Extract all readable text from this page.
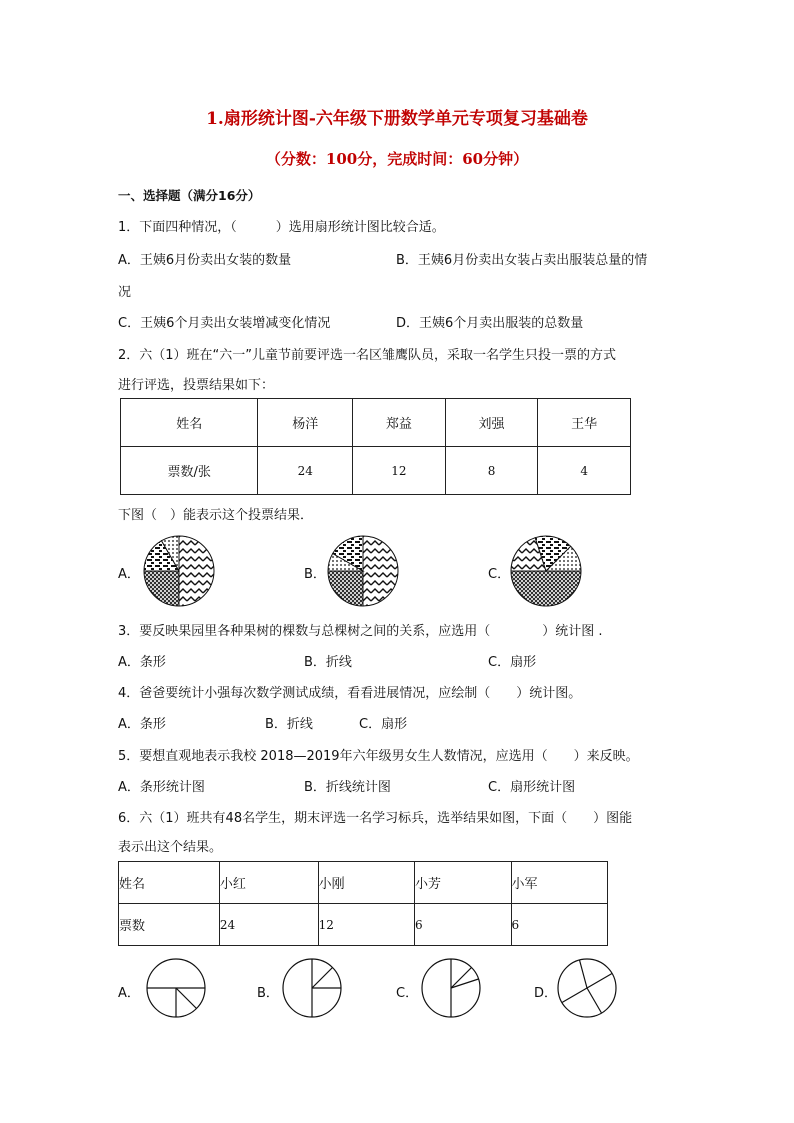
1.扇形统计图-六年级下册数学单元专项复习基础卷
（分数：100分，完成时间：60分钟）
一、选择题（满分16分）
1．下面四种情况，（　　　）选用扇形统计图比较合适。
A．王姨6月份卖出女装的数量	B．王姨6月份卖出女装占卖出服装总量的情
况
C．王姨6个月卖出女装增减变化情况	D．王姨6个月卖出服装的总数量
2．六（1）班在“六一”儿童节前要评选一名区雏鹰队员，采取一名学生只投一票的方式
进行评选，投票结果如下：
姓名	杨洋	郑益	刘强	王华
票数/张	24	12	8	4
下图（　）能表示这个投票结果．
A．	B．	C．
3．要反映果园里各种果树的棵数与总棵树之间的关系，应选用（　　　　）统计图 .
A．条形	B．折线	C．扇形
4．爸爸要统计小强每次数学测试成绩，看看进展情况，应绘制（　　）统计图。
A．条形	B．折线	C．扇形
5．要想直观地表示我校 2018—2019年六年级男女生人数情况，应选用（　　）来反映。
A．条形统计图	B．折线统计图	C．扇形统计图
6．六（1）班共有48名学生，期末评选一名学习标兵，选举结果如图，下面（　　）图能
表示出这个结果。
姓名	小红	小刚	小芳	小军
票数	24	12	6	6
A．	B．	C．	D．
